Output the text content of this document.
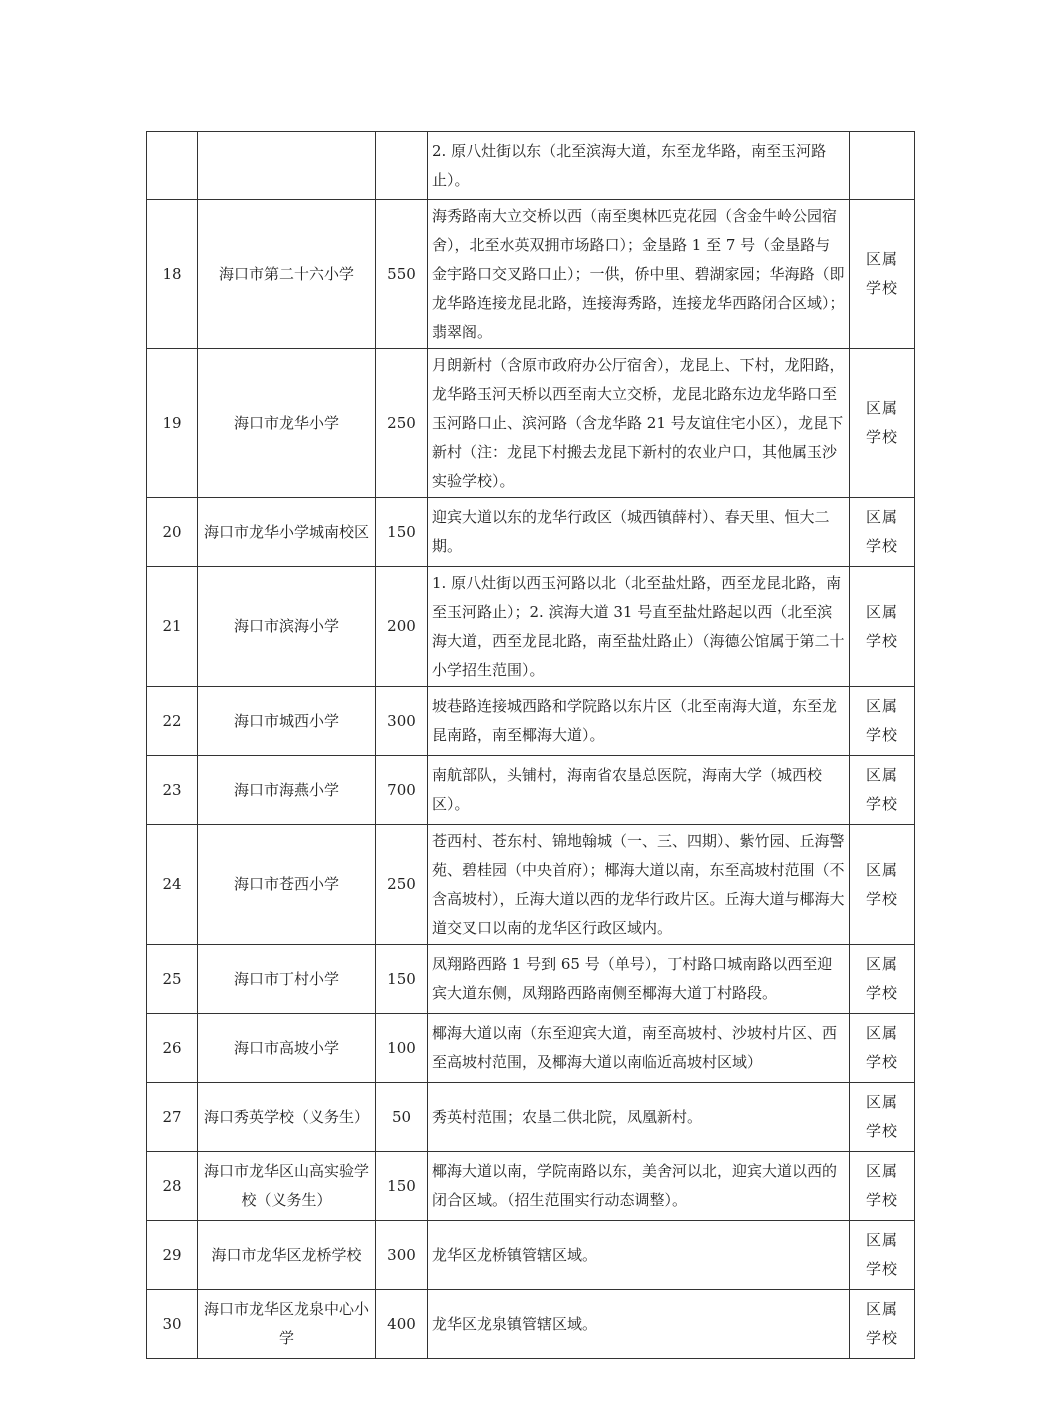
			2. 原八灶街以东（北至滨海大道，东至龙华路，南至玉河路止）。	
18	海口市第二十六小学	550	海秀路南大立交桥以西（南至奥林匹克花园（含金牛岭公园宿舍），北至水英双拥市场路口）；金垦路 1 至 7 号（金垦路与金宇路口交叉路口止）；一供，侨中里、碧湖家园；华海路（即龙华路连接龙昆北路，连接海秀路，连接龙华西路闭合区域）；翡翠阁。	区属学校
19	海口市龙华小学	250	月朗新村（含原市政府办公厅宿舍），龙昆上、下村，龙阳路，龙华路玉河天桥以西至南大立交桥，龙昆北路东边龙华路口至玉河路口止、滨河路（含龙华路 21 号友谊住宅小区），龙昆下新村（注：龙昆下村搬去龙昆下新村的农业户口，其他属玉沙实验学校）。	区属学校
20	海口市龙华小学城南校区	150	迎宾大道以东的龙华行政区（城西镇薛村）、春天里、恒大二期。	区属学校
21	海口市滨海小学	200	1. 原八灶街以西玉河路以北（北至盐灶路，西至龙昆北路，南至玉河路止）；2. 滨海大道 31 号直至盐灶路起以西（北至滨海大道，西至龙昆北路，南至盐灶路止）（海德公馆属于第二十小学招生范围）。	区属学校
22	海口市城西小学	300	坡巷路连接城西路和学院路以东片区（北至南海大道，东至龙昆南路，南至椰海大道）。	区属学校
23	海口市海燕小学	700	南航部队，头铺村，海南省农垦总医院，海南大学（城西校区）。	区属学校
24	海口市苍西小学	250	苍西村、苍东村、锦地翰城（一、三、四期）、紫竹园、丘海警苑、碧桂园（中央首府）；椰海大道以南，东至高坡村范围（不含高坡村），丘海大道以西的龙华行政片区。丘海大道与椰海大道交叉口以南的龙华区行政区域内。	区属学校
25	海口市丁村小学	150	凤翔路西路 1 号到 65 号（单号），丁村路口城南路以西至迎宾大道东侧，凤翔路西路南侧至椰海大道丁村路段。	区属学校
26	海口市高坡小学	100	椰海大道以南（东至迎宾大道，南至高坡村、沙坡村片区、西至高坡村范围，及椰海大道以南临近高坡村区域）	区属学校
27	海口秀英学校（义务生）	50	秀英村范围；农垦二供北院，凤凰新村。	区属学校
28	海口市龙华区山高实验学校（义务生）	150	椰海大道以南，学院南路以东，美舍河以北，迎宾大道以西的闭合区域。（招生范围实行动态调整）。	区属学校
29	海口市龙华区龙桥学校	300	龙华区龙桥镇管辖区域。	区属学校
30	海口市龙华区龙泉中心小学	400	龙华区龙泉镇管辖区域。	区属学校
